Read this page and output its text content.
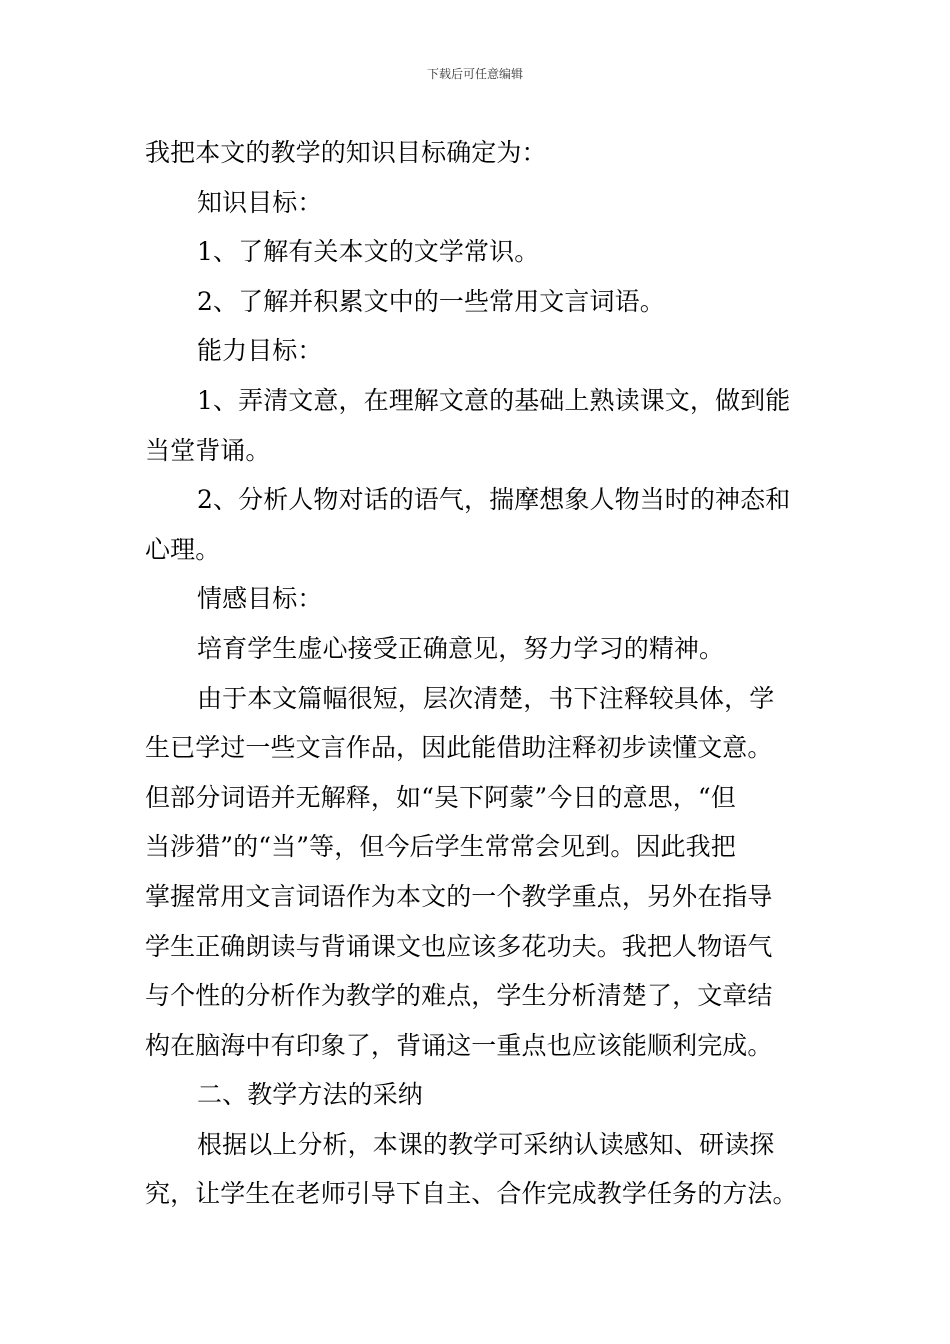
下载后可任意编辑

我把本文的教学的知识目标确定为：

知识目标：

1、了解有关本文的文学常识。

2、了解并积累文中的一些常用文言词语。

能力目标：

1、弄清文意，在理解文意的基础上熟读课文，做到能

当堂背诵。

2、分析人物对话的语气，揣摩想象人物当时的神态和

心理。

情感目标：

培育学生虚心接受正确意见，努力学习的精神。

由于本文篇幅很短，层次清楚，书下注释较具体，学

生已学过一些文言作品，因此能借助注释初步读懂文意。

但部分词语并无解释，如“吴下阿蒙”今日的意思，“但

当涉猎”的“当”等，但今后学生常常会见到。因此我把

掌握常用文言词语作为本文的一个教学重点，另外在指导

学生正确朗读与背诵课文也应该多花功夫。我把人物语气

与个性的分析作为教学的难点，学生分析清楚了，文章结

构在脑海中有印象了，背诵这一重点也应该能顺利完成。

二、教学方法的采纳

根据以上分析，本课的教学可采纳认读感知、研读探

究，让学生在老师引导下自主、合作完成教学任务的方法。
